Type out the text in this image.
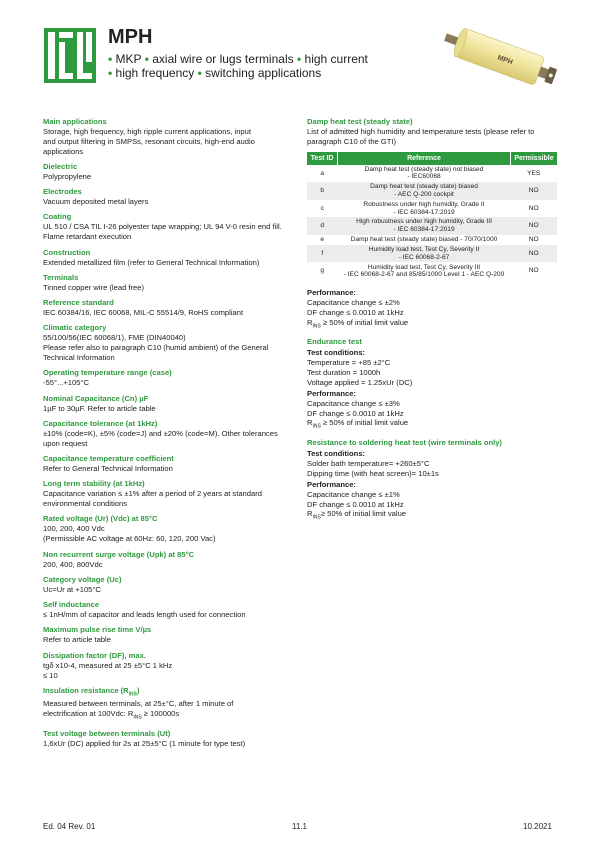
MPH
• MKP • axial wire or lugs terminals • high current
• high frequency • switching applications
MPH
Main applications
Storage, high frequency, high ripple current applications, input
and output filtering in SMPSs, resonant circuits, high-end audio
applications
Dielectric
Polypropylene
Electrodes
Vacuum deposited metal layers
Coating
UL 510 / CSA TIL I-26 polyester tape wrapping; UL 94 V-0 resin end fill.
Flame retardant execution
Construction
Extended metallized film (refer to General Technical Information)
Terminals
Tinned copper wire (lead free)
Reference standard
IEC 60384/16, IEC 60068, MIL-C 55514/9, RoHS compliant
Climatic category
55/100/56(IEC 60068/1), FME (DIN40040)
Please refer also to paragraph C10 (humid ambient) of the General
Technical Information
Operating temperature range (case)
-55°...+105°C
Nominal Capacitance (Cn) µF
1µF to 30µF. Refer to article table
Capacitance tolerance (at 1kHz)
±10% (code=K), ±5% (code=J) and ±20% (code=M). Other tolerances
upon request
Capacitance temperature coefficient
Refer to General Technical Information
Long term stability (at 1kHz)
Capacitance variation ≤ ±1% after a period of 2 years at standard
environmental conditions
Rated voltage (Ur) (Vdc) at 85°C
100, 200, 400 Vdc
(Permissible AC voltage at 60Hz: 60, 120, 200 Vac)
Non recurrent surge voltage (Upk) at 85°C
200, 400, 800Vdc
Category voltage (Uc)
Uc=Ur at +105°C
Self inductance
≤ 1nH/mm of capacitor and leads length used for connection
Maximum pulse rise time V/µs
Refer to article table
Dissipation factor (DF), max.
tgδ x10-4, measured at 25 ±5°C 1 kHz
≤ 10
Insulation resistance $(R_{INS})$
Measured between terminals, at 25±°C, after 1 minute of
electrification at 100Vdc: $R_{INS} \ge 100000s$
Test voltage between terminals (Ut)
1,6xUr (DC) applied for 2s at 25±5°C (1 minute for type test)
Damp heat test (steady state)
List of admitted high humidity and temperature tests (please refer to
paragraph C10 of the GTI)
Test ID	Reference	Permissible
a	Damp heat test (steady state) not biased
- IEC60068	YES
b	Damp heat test (steady state) biased
- AEC Q-200 cockpit	NO
c	Robustness under high humidity, Grade II
- IEC 60384-17:2019	NO
d	High robustness under high humidity, Grade III
- IEC 60384-17:2019	NO
e	Damp heat test (steady state) biased - 70/70/1000	NO
f	Humidity load test, Test Cy, Severity II
- IEC 60068-2-67	NO
g	Humidity load test, Test Cy, Severity III
- IEC 60068-2-67 and 85/85/1000 Level 1 - AEC Q-200	NO
Performance:
Capacitance change ≤ ±2%
DF change ≤ 0.0010 at 1kHz
$R_{INS} \ge 50\%$ of initial limit value
Endurance test
Test conditions:
Temperature = +85 ±2°C
Test duration = 1000h
Voltage applied = 1.25xUr (DC)
Performance:
Capacitance change ≤ ±3%
DF change ≤ 0.0010 at 1kHz
$R_{INS} \ge 50\%$ of initial limit value
Resistance to soldering heat test (wire terminals only)
Test conditions:
Solder bath temperature= +260±5°C
Dipping time (with heat screen)= 10±1s
Performance:
Capacitance change ≤ ±1%
DF change ≤ 0.0010 at 1kHz
$R_{INS}\ge 50\%$ of initial limit value
Ed. 04 Rev. 01	11.1	10.2021
